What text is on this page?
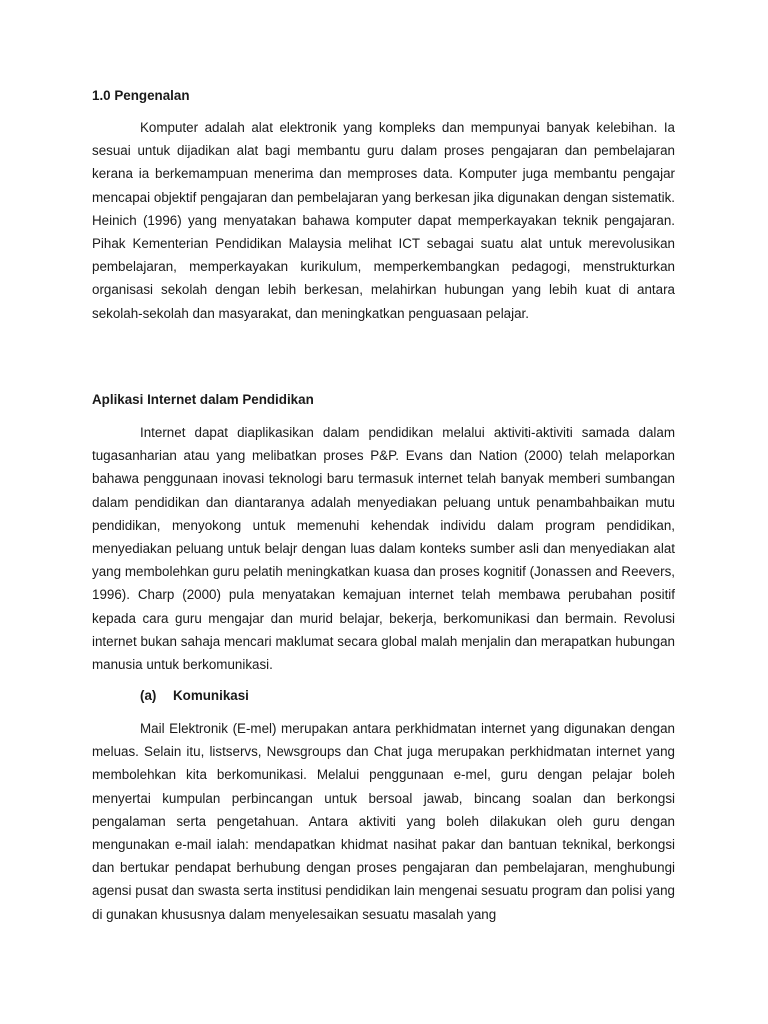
1.0 Pengenalan

Komputer adalah alat elektronik yang kompleks dan mempunyai banyak kelebihan. Ia sesuai untuk dijadikan alat bagi membantu guru dalam proses pengajaran dan pembelajaran kerana ia berkemampuan menerima dan memproses data. Komputer juga membantu pengajar mencapai objektif pengajaran dan pembelajaran yang berkesan jika digunakan dengan sistematik. Heinich (1996) yang menyatakan bahawa komputer dapat memperkayakan teknik pengajaran. Pihak Kementerian Pendidikan Malaysia melihat ICT sebagai suatu alat untuk merevolusikan pembelajaran, memperkayakan kurikulum, memperkembangkan pedagogi, menstrukturkan organisasi sekolah dengan lebih berkesan, melahirkan hubungan yang lebih kuat di antara sekolah-sekolah dan masyarakat, dan meningkatkan penguasaan pelajar.

Aplikasi Internet dalam Pendidikan

Internet dapat diaplikasikan dalam pendidikan melalui aktiviti-aktiviti samada dalam tugasanharian atau yang melibatkan proses P&P. Evans dan Nation (2000) telah melaporkan bahawa penggunaan inovasi teknologi baru termasuk internet telah banyak memberi sumbangan dalam pendidikan dan diantaranya adalah menyediakan peluang untuk penambahbaikan mutu pendidikan, menyokong untuk memenuhi kehendak individu dalam program pendidikan, menyediakan peluang untuk belajr dengan luas dalam konteks sumber asli dan menyediakan alat yang membolehkan guru pelatih meningkatkan kuasa dan proses kognitif (Jonassen and Reevers, 1996). Charp (2000) pula menyatakan kemajuan internet telah membawa perubahan positif kepada cara guru mengajar dan murid belajar, bekerja, berkomunikasi dan bermain. Revolusi internet bukan sahaja mencari maklumat secara global malah menjalin dan merapatkan hubungan manusia untuk berkomunikasi.

(a) Komunikasi

Mail Elektronik (E-mel) merupakan antara perkhidmatan internet yang digunakan dengan meluas. Selain itu, listservs, Newsgroups dan Chat juga merupakan perkhidmatan internet yang membolehkan kita berkomunikasi. Melalui penggunaan e-mel, guru dengan pelajar boleh menyertai kumpulan perbincangan untuk bersoal jawab, bincang soalan dan berkongsi pengalaman serta pengetahuan. Antara aktiviti yang boleh dilakukan oleh guru dengan mengunakan e-mail ialah: mendapatkan khidmat nasihat pakar dan bantuan teknikal, berkongsi dan bertukar pendapat berhubung dengan proses pengajaran dan pembelajaran, menghubungi agensi pusat dan swasta serta institusi pendidikan lain mengenai sesuatu program dan polisi yang di gunakan khususnya dalam menyelesaikan sesuatu masalah yang
